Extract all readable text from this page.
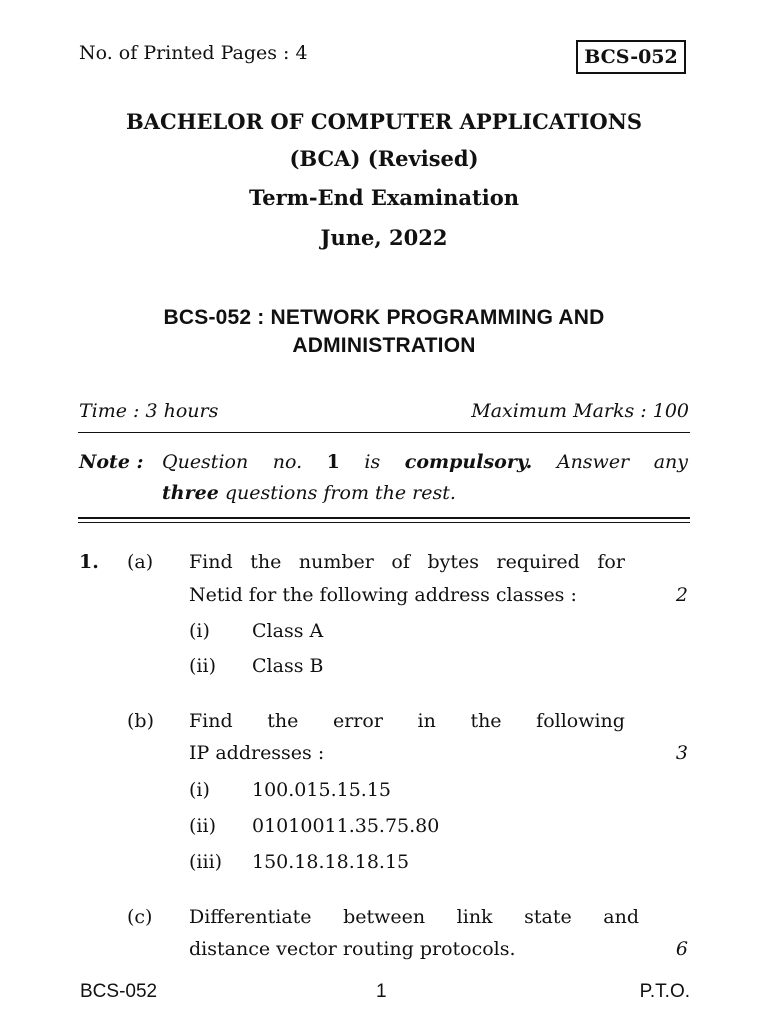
No. of Printed Pages : 4	BCS-052
BACHELOR OF COMPUTER APPLICATIONS
(BCA) (Revised)
Term-End Examination
June, 2022
BCS-052 : NETWORK PROGRAMMING AND
ADMINISTRATION
Time : 3 hours	Maximum Marks : 100
Note : Question no. 1 is compulsory. Answer any
three questions from the rest.
1. (a) Find the number of bytes required for
Netid for the following address classes :	2
(i) Class A
(ii) Class B
(b) Find the error in the following
IP addresses :	3
(i) 100.015.15.15
(ii) 01010011.35.75.80
(iii) 150.18.18.18.15
(c) Differentiate between link state and
distance vector routing protocols.	6
BCS-052	1	P.T.O.
